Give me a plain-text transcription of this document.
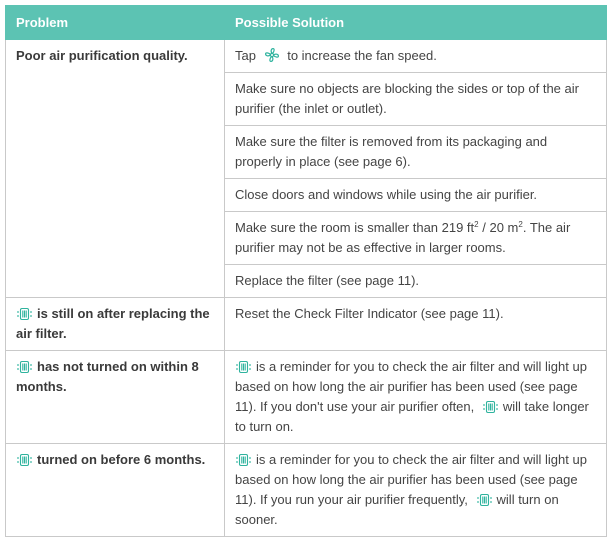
Problem	Possible Solution
Poor air purification quality.	Tap to increase the fan speed.
	Make sure no objects are blocking the sides or top of the air purifier (the inlet or outlet).
	Make sure the filter is removed from its packaging and properly in place (see page 6).
	Close doors and windows while using the air purifier.
	Make sure the room is smaller than 219 $ft^2 / 20$ $m^2$. The air purifier may not be as effective in larger rooms.
	Replace the filter (see page 11).

is still on after replacing the air filter.	Reset the Check Filter Indicator (see page 11).

has not turned on within 8 months.	is a reminder for you to check the air filter and will light up based on how long the air purifier has been used (see page 11). If you don't use your air purifier often, will take longer to turn on.

turned on before 6 months.	is a reminder for you to check the air filter and will light up based on how long the air purifier has been used (see page 11). If you run your air purifier frequently, will turn on sooner.
